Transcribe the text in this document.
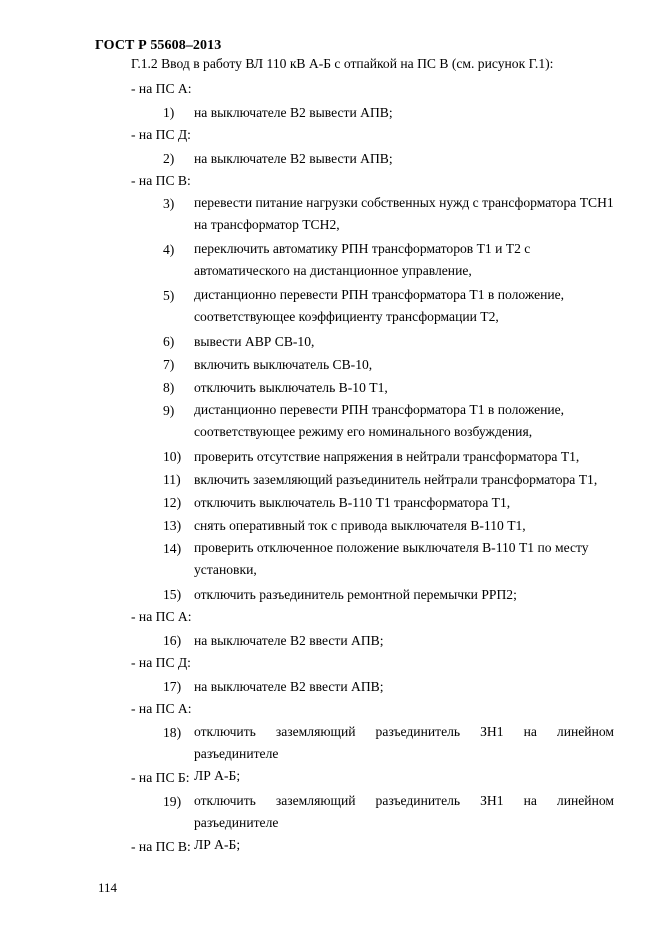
ГОСТ Р 55608–2013
Г.1.2 Ввод в работу ВЛ 110 кВ А-Б с отпайкой на ПС В (см. рисунок Г.1):
- на ПС А:
1)	на выключателе В2 вывести АПВ;
- на ПС Д:
2)	на выключателе В2 вывести АПВ;
- на ПС В:
3)	перевести питание нагрузки собственных нужд с трансформатора ТСН1
на трансформатор ТСН2,
4)	переключить автоматику РПН трансформаторов Т1 и Т2 с
автоматического на дистанционное управление,
5)	дистанционно перевести РПН трансформатора Т1 в положение,
соответствующее коэффициенту трансформации Т2,
6)	вывести АВР СВ-10,
7)	включить выключатель СВ-10,
8)	отключить выключатель В-10 Т1,
9)	дистанционно перевести РПН трансформатора Т1 в положение,
соответствующее режиму его номинального возбуждения,
10) проверить отсутствие напряжения в нейтрали трансформатора Т1,
11) включить заземляющий разъединитель нейтрали трансформатора Т1,
12) отключить выключатель В-110 Т1 трансформатора Т1,
13) снять оперативный ток с привода выключателя В-110 Т1,
14) проверить отключенное положение выключателя В-110 Т1 по месту
установки,
15) отключить разъединитель ремонтной перемычки РРП2;
- на ПС А:
16) на выключателе В2 ввести АПВ;
- на ПС Д:
17) на выключателе В2 ввести АПВ;
- на ПС А:
18) отключить заземляющий разъединитель ЗН1 на линейном разъединителе
ЛР А-Б;
- на ПС Б:
19) отключить заземляющий разъединитель ЗН1 на линейном разъединителе
ЛР А-Б;
- на ПС В:
114
